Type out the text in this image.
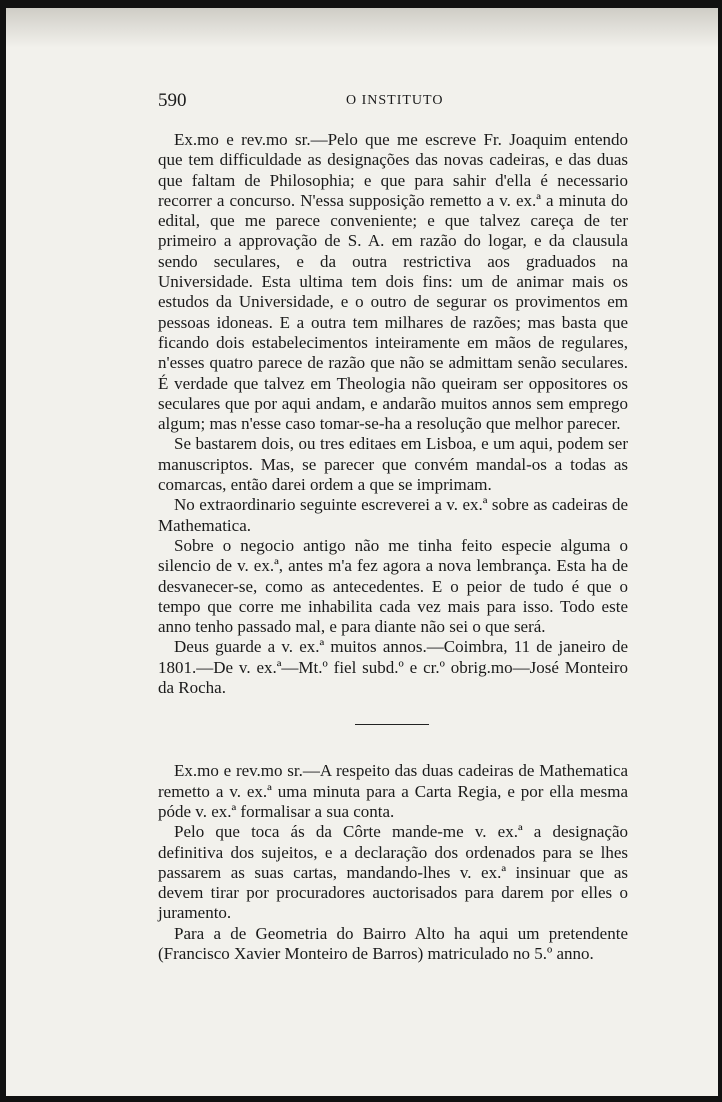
590	O INSTITUTO

Ex.mo e rev.mo sr.—Pelo que me escreve Fr. Joaquim entendo que tem difficuldade as designações das novas cadeiras, e das duas que faltam de Philosophia; e que para sahir d'ella é necessario recorrer a concurso. N'essa supposição remetto a v. ex.ª a minuta do edital, que me parece conveniente; e que talvez careça de ter primeiro a approvação de S. A. em razão do logar, e da clausula sendo seculares, e da outra restrictiva aos graduados na Universidade. Esta ultima tem dois fins: um de animar mais os estudos da Universidade, e o outro de segurar os provimentos em pessoas idoneas. E a outra tem milhares de razões; mas basta que ficando dois estabelecimentos inteiramente em mãos de regulares, n'esses quatro parece de razão que não se admittam senão seculares. É verdade que talvez em Theologia não queiram ser oppositores os seculares que por aqui andam, e andarão muitos annos sem emprego algum; mas n'esse caso tomar-se-ha a resolução que melhor parecer.

Se bastarem dois, ou tres editaes em Lisboa, e um aqui, podem ser manuscriptos. Mas, se parecer que convém mandal-os a todas as comarcas, então darei ordem a que se imprimam.

No extraordinario seguinte escreverei a v. ex.ª sobre as cadeiras de Mathematica.

Sobre o negocio antigo não me tinha feito especie alguma o silencio de v. ex.ª, antes m'a fez agora a nova lembrança. Esta ha de desvanecer-se, como as antecedentes. E o peior de tudo é que o tempo que corre me inhabilita cada vez mais para isso. Todo este anno tenho passado mal, e para diante não sei o que será.

Deus guarde a v. ex.ª muitos annos.—Coimbra, 11 de janeiro de 1801.—De v. ex.ª—Mt.º fiel subd.º e cr.º obrig.mo—José Monteiro da Rocha.

Ex.mo e rev.mo sr.—A respeito das duas cadeiras de Mathematica remetto a v. ex.ª uma minuta para a Carta Regia, e por ella mesma póde v. ex.ª formalisar a sua conta.

Pelo que toca ás da Côrte mande-me v. ex.ª a designação definitiva dos sujeitos, e a declaração dos ordenados para se lhes passarem as suas cartas, mandando-lhes v. ex.ª insinuar que as devem tirar por procuradores auctorisados para darem por elles o juramento.

Para a de Geometria do Bairro Alto ha aqui um pretendente (Francisco Xavier Monteiro de Barros) matriculado no 5.º anno.
